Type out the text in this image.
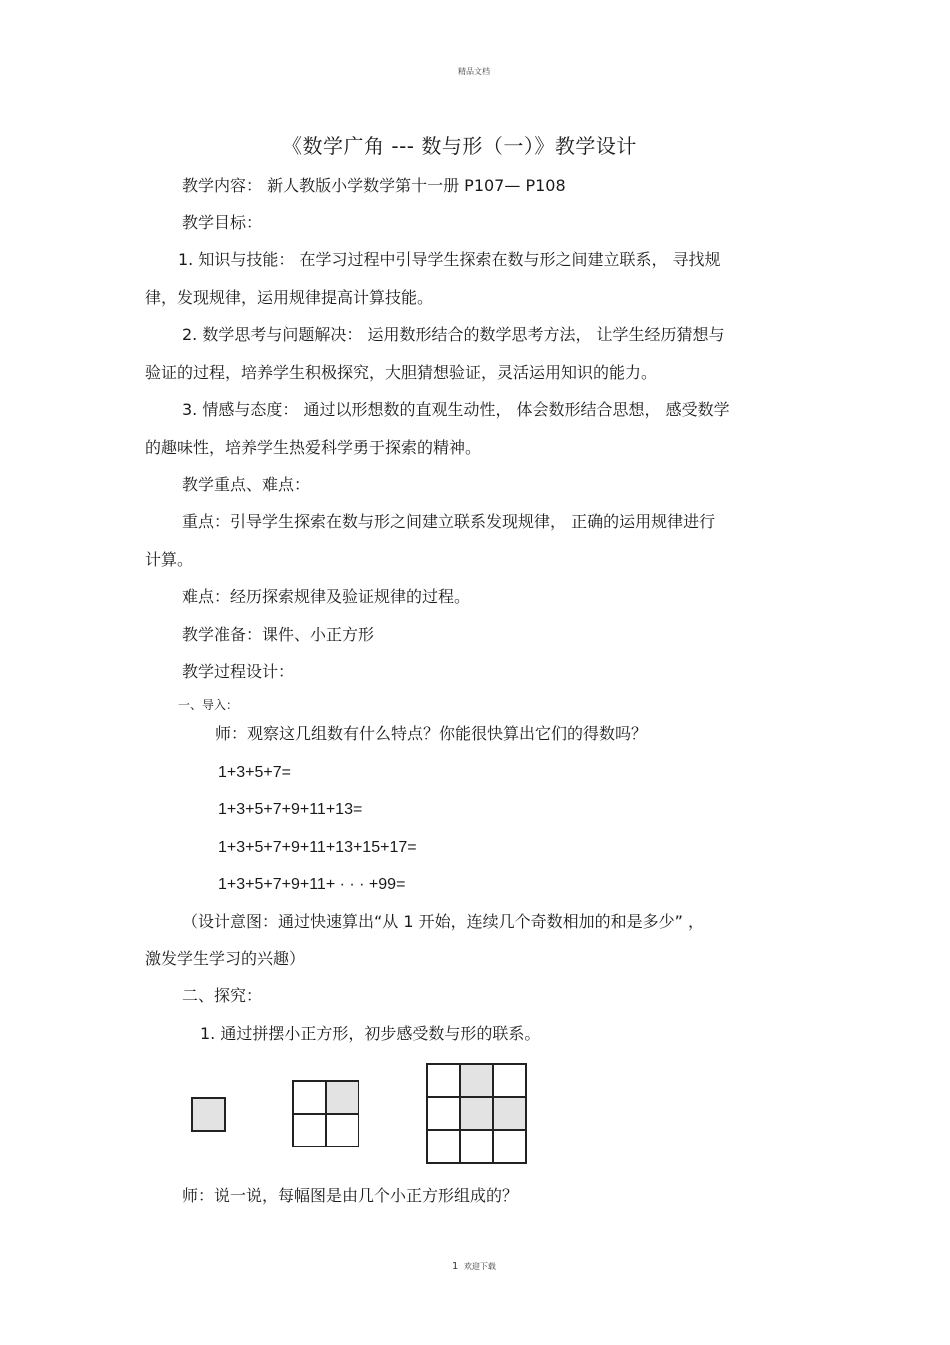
精品文档
《数学广角 --- 数与形（一）》教学设计
教学内容： 新人教版小学数学第十一册 P107— P108
教学目标：
1. 知识与技能： 在学习过程中引导学生探索在数与形之间建立联系， 寻找规
律，发现规律，运用规律提高计算技能。
2. 数学思考与问题解决： 运用数形结合的数学思考方法， 让学生经历猜想与
验证的过程，培养学生积极探究，大胆猜想验证，灵活运用知识的能力。
3. 情感与态度： 通过以形想数的直观生动性， 体会数形结合思想， 感受数学
的趣味性，培养学生热爱科学勇于探索的精神。
教学重点、难点：
重点：引导学生探索在数与形之间建立联系发现规律， 正确的运用规律进行
计算。
难点：经历探索规律及验证规律的过程。
教学准备：课件、小正方形
教学过程设计：
一、导入：
师：观察这几组数有什么特点？你能很快算出它们的得数吗？
1+3+5+7=
1+3+5+7+9+11+13=
1+3+5+7+9+11+13+15+17=
1+3+5+7+9+11+ · · · +99=
（设计意图：通过快速算出“从 1 开始，连续几个奇数相加的和是多少” ，
激发学生学习的兴趣）
二、探究：
1. 通过拼摆小正方形，初步感受数与形的联系。
师：说一说，每幅图是由几个小正方形组成的？
1 欢迎下载
